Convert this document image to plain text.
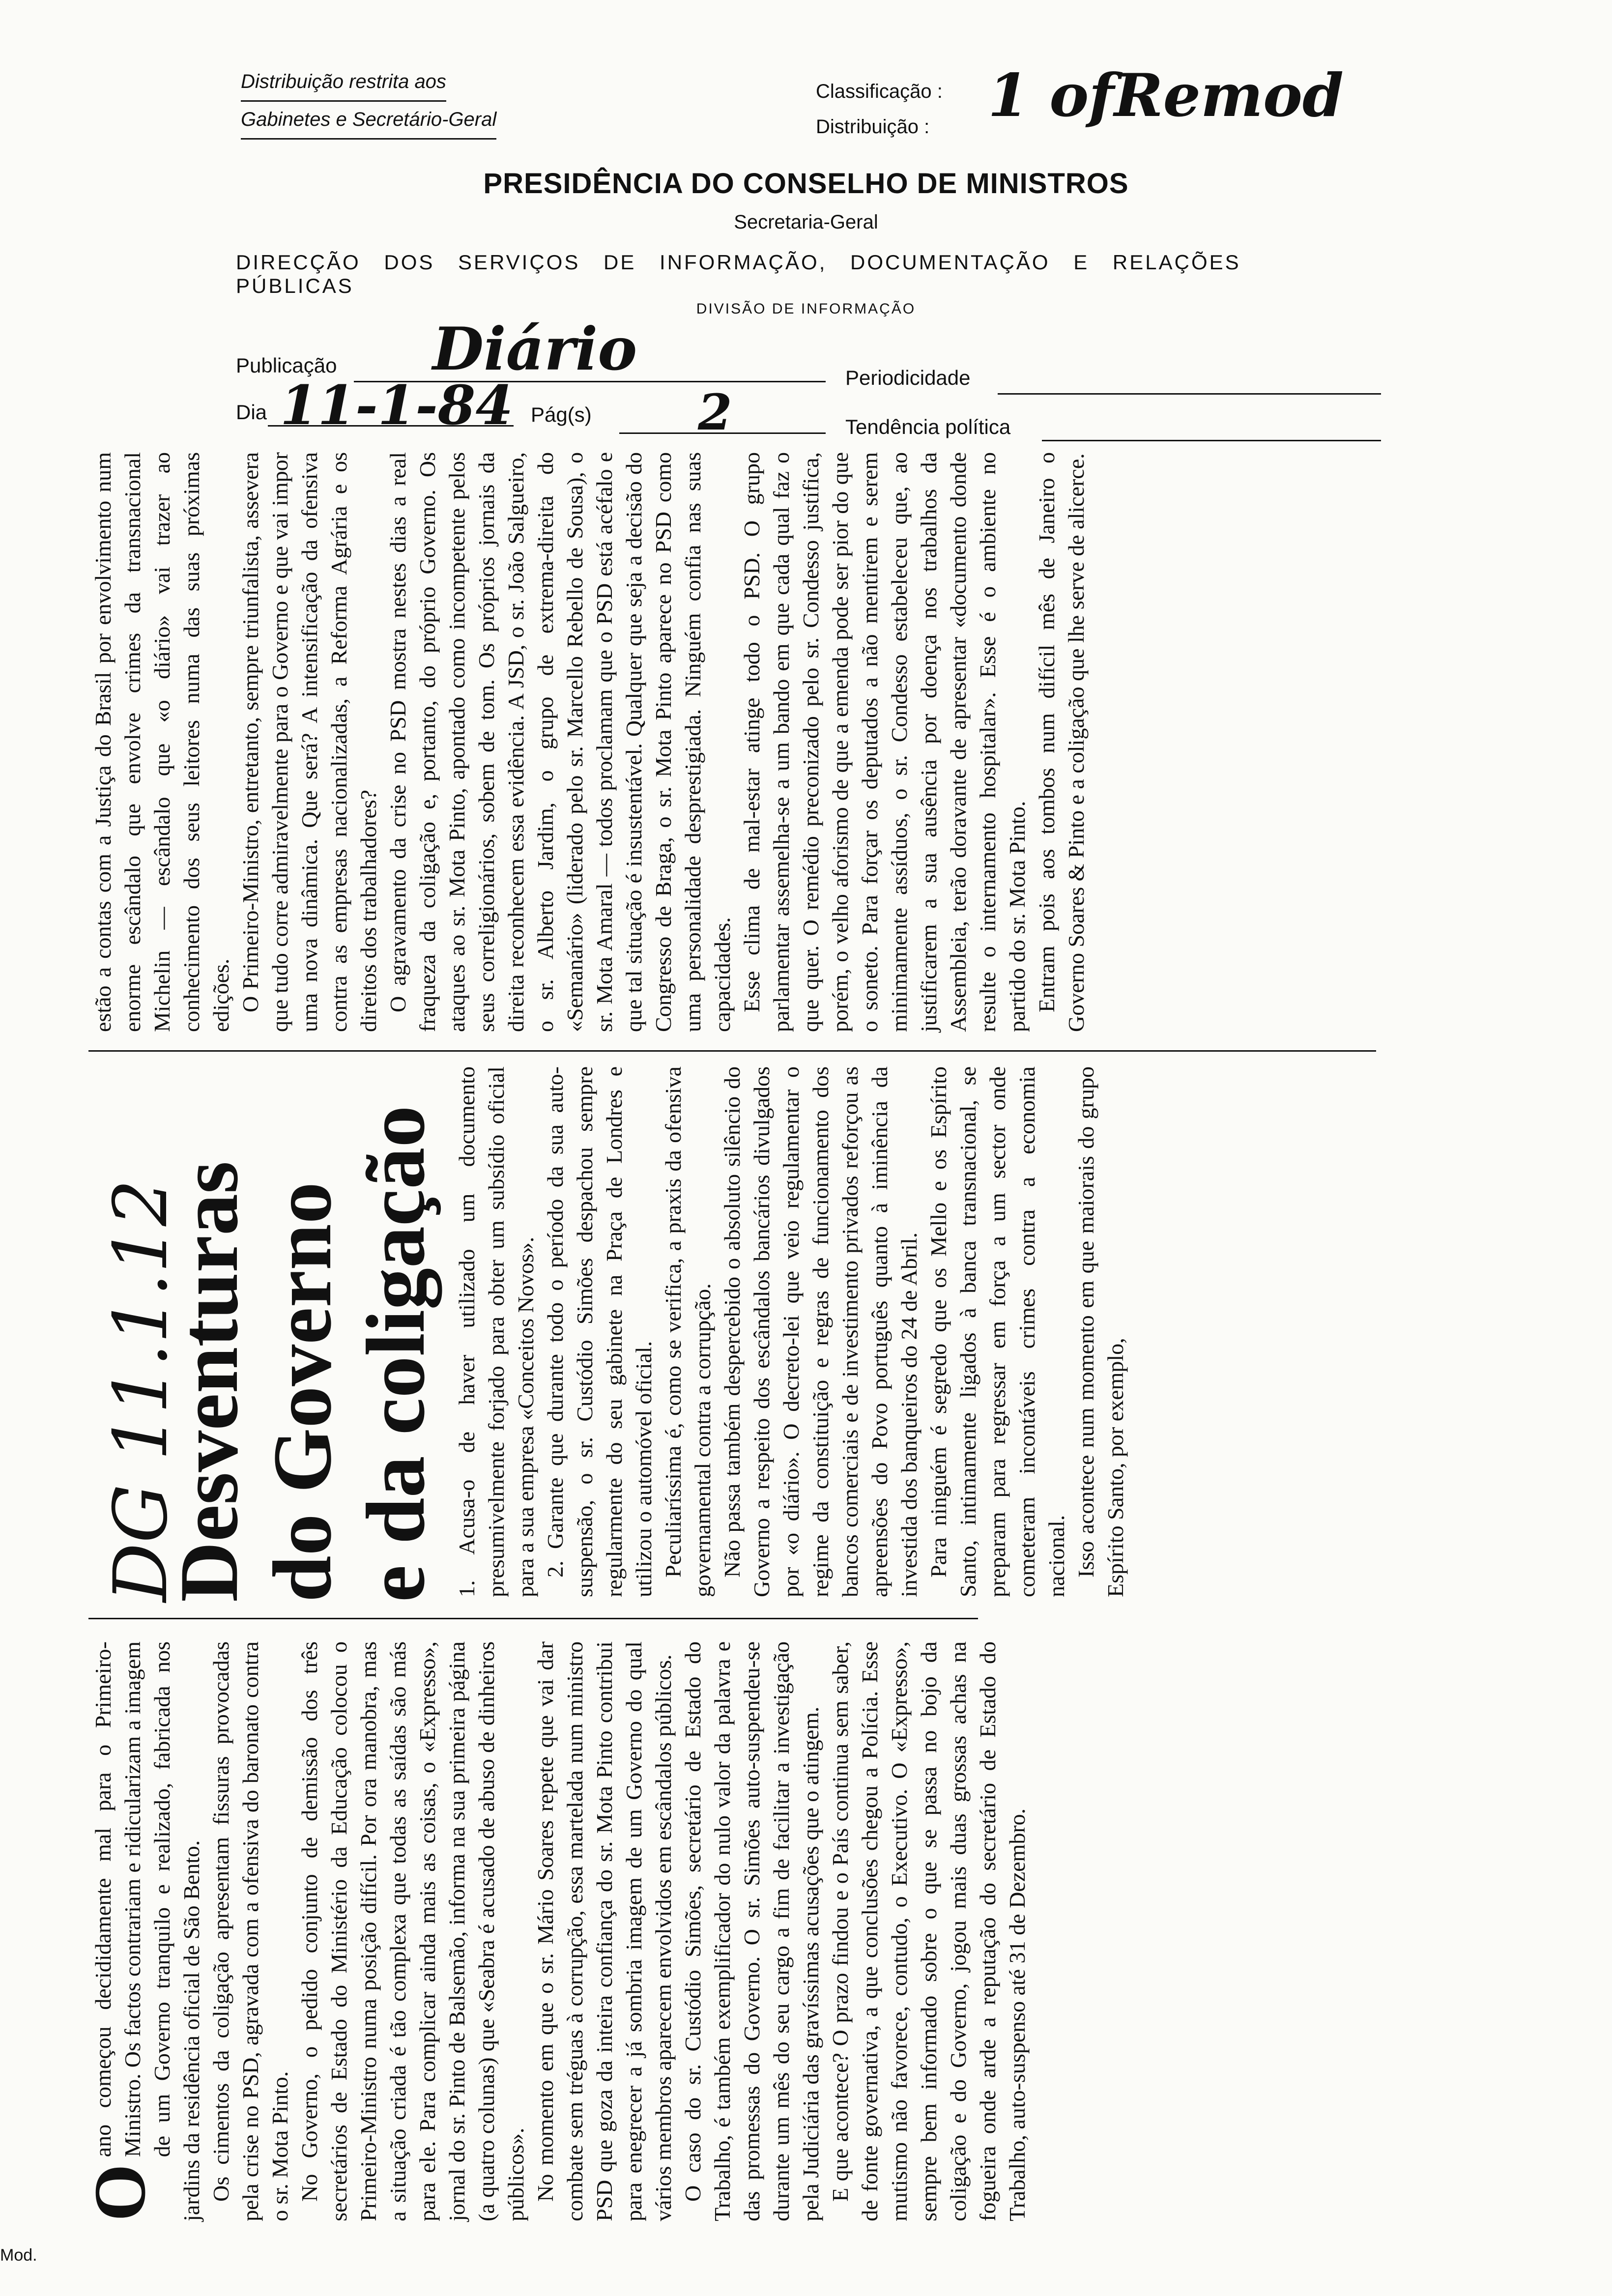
Distribuição restrita aos
Gabinetes e Secretário-Geral
Classificação :
Distribuição : 1 ofRemod
PRESIDÊNCIA DO CONSELHO DE MINISTROS
Secretaria-Geral
DIRECÇÃO DOS SERVIÇOS DE INFORMAÇÃO, DOCUMENTAÇÃO E RELAÇÕES PÚBLICAS
DIVISÃO DE INFORMAÇÃO
Publicação Diário	Periodicidade
Dia 11-1-84 Pág(s) 2	Tendência política
O

ano começou decididamente mal para o Primeiro-Ministro. Os factos contrariam e ridicularizam a imagem de um Governo tranquilo e realizado, fabricada nos jardins da residência oficial de São Bento. Os cimentos da coligação apresentam fissuras provocadas pela crise no PSD, agravada com a ofensiva do baronato contra o sr. Mota Pinto. No Governo, o pedido conjunto de demissão dos três secretários de Estado do Ministério da Educação colocou o Primeiro-Ministro numa posição difícil. Por ora manobra, mas a situação criada é tão complexa que todas as saídas são más para ele. Para complicar ainda mais as coisas, o «Expresso», jornal do sr. Pinto de Balsemão, informa na sua primeira página (a quatro colunas) que «Seabra é acusado de abuso de dinheiros públicos». No momento em que o sr. Mário Soares repete que vai dar combate sem tréguas à corrupção, essa martelada num ministro PSD que goza da inteira confiança do sr. Mota Pinto contribui para enegrecer a já sombria imagem de um Governo do qual vários membros aparecem envolvidos em escândalos públicos. O caso do sr. Custódio Simões, secretário de Estado do Trabalho, é também exemplificador do nulo valor da palavra e das promessas do Governo. O sr. Simões auto-suspendeu-se durante um mês do seu cargo a fim de facilitar a investigação pela Judiciária das gravíssimas acusações que o atingem. E que acontece? O prazo findou e o País continua sem saber, de fonte governativa, a que conclusões chegou a Polícia. Esse mutismo não favorece, contudo, o Executivo. O «Expresso», sempre bem informado sobre o que se passa no bojo da coligação e do Governo, jogou mais duas grossas achas na fogueira onde arde a reputação do secretário de Estado do Trabalho, auto-suspenso até 31 de Dezembro.

DG 11.1.12
Desventuras do Governo e da coligação 1. Acusa-o de haver utilizado um documento presumivelmente forjado para obter um subsídio oficial para a sua empresa «Conceitos Novos». 2. Garante que durante todo o período da sua auto-suspensão, o sr. Custódio Simões despachou sempre regularmente do seu gabinete na Praça de Londres e utilizou o automóvel oficial. Peculiaríssima é, como se verifica, a praxis da ofensiva governamental contra a corrupção. Não passa também despercebido o absoluto silêncio do Governo a respeito dos escândalos bancários divulgados por «o diário». O decreto-lei que veio regulamentar o regime da constituição e regras de funcionamento dos bancos comerciais e de investimento privados reforçou as apreensões do Povo português quanto à iminência da investida dos banqueiros do 24 de Abril. Para ninguém é segredo que os Mello e os Espírito Santo, intimamente ligados à banca transnacional, se preparam para regressar em força a um sector onde cometeram incontáveis crimes contra a economia nacional. Isso acontece num momento em que maiorais do grupo Espírito Santo, por exemplo,

estão a contas com a Justiça do Brasil por envolvimento num enorme escândalo que envolve crimes da transnacional Michelin — escândalo que «o diário» vai trazer ao conhecimento dos seus leitores numa das suas próximas edições. O Primeiro-Ministro, entretanto, sempre triunfalista, assevera que tudo corre admiravelmente para o Governo e que vai impor uma nova dinâmica. Que será? A intensificação da ofensiva contra as empresas nacionalizadas, a Reforma Agrária e os direitos dos trabalhadores? O agravamento da crise no PSD mostra nestes dias a real fraqueza da coligação e, portanto, do próprio Governo. Os ataques ao sr. Mota Pinto, apontado como incompetente pelos seus correligionários, sobem de tom. Os próprios jornais da direita reconhecem essa evidência. A JSD, o sr. João Salgueiro, o sr. Alberto Jardim, o grupo de extrema-direita do «Semanário» (liderado pelo sr. Marcello Rebello de Sousa), o sr. Mota Amaral — todos proclamam que o PSD está acéfalo e que tal situação é insustentável. Qualquer que seja a decisão do Congresso de Braga, o sr. Mota Pinto aparece no PSD como uma personalidade desprestigiada. Ninguém confia nas suas capacidades. Esse clima de mal-estar atinge todo o PSD. O grupo parlamentar assemelha-se a um bando em que cada qual faz o que quer. O remédio preconizado pelo sr. Condesso justifica, porém, o velho aforismo de que a emenda pode ser pior do que o soneto. Para forçar os deputados a não mentirem e serem minimamente assíduos, o sr. Condesso estabeleceu que, ao justificarem a sua ausência por doença nos trabalhos da Assembleia, terão doravante de apresentar «documento donde resulte o internamento hospitalar». Esse é o ambiente no partido do sr. Mota Pinto. Entram pois aos tombos num difícil mês de Janeiro o Governo Soares & Pinto e a coligação que lhe serve de alicerce.

Mod.
